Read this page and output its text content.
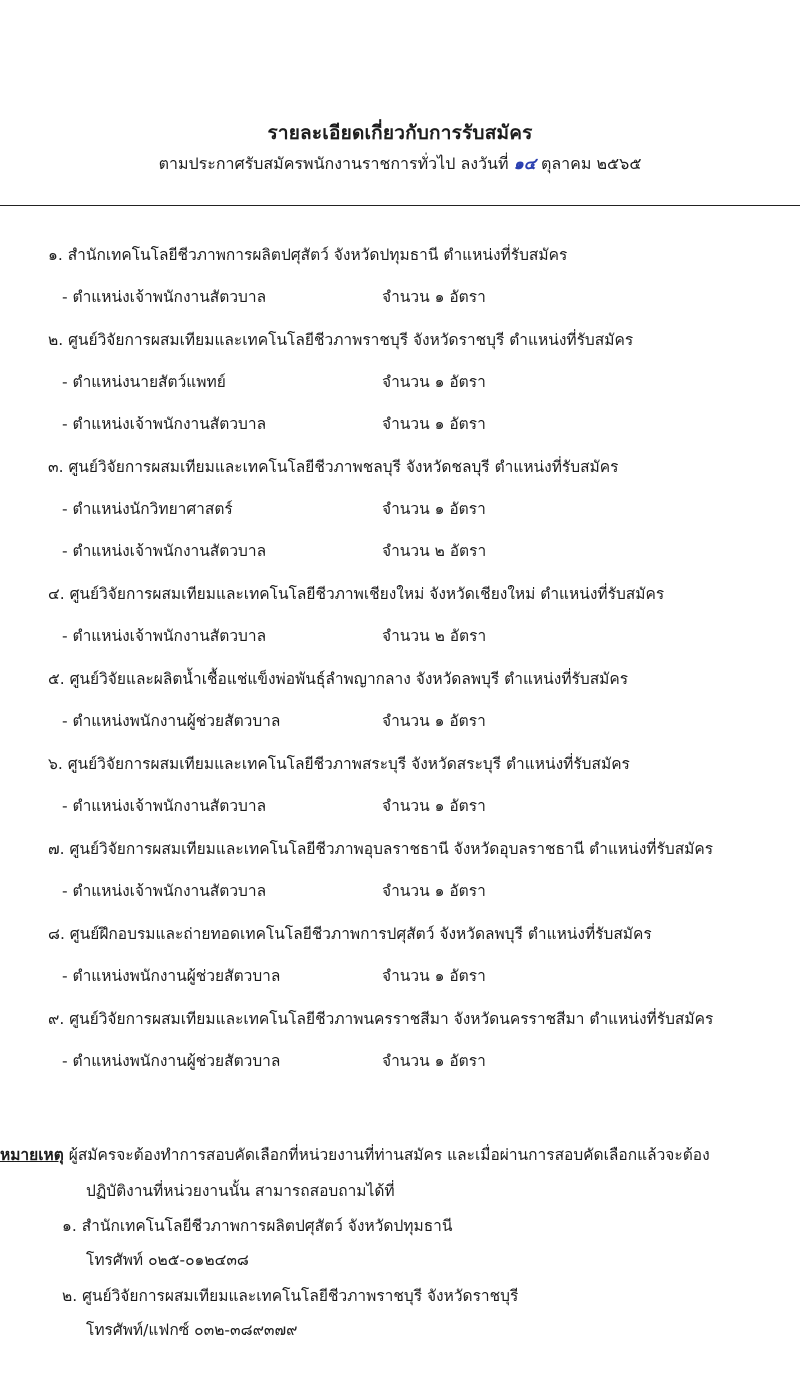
รายละเอียดเกี่ยวกับการรับสมัคร
ตามประกาศรับสมัครพนักงานราชการทั่วไป ลงวันที่ ๑๔ ตุลาคม ๒๕๖๕
๑. สำนักเทคโนโลยีชีวภาพการผลิตปศุสัตว์ จังหวัดปทุมธานี ตำแหน่งที่รับสมัคร
- ตำแหน่งเจ้าพนักงานสัตวบาล	จำนวน ๑ อัตรา
๒. ศูนย์วิจัยการผสมเทียมและเทคโนโลยีชีวภาพราชบุรี จังหวัดราชบุรี ตำแหน่งที่รับสมัคร
- ตำแหน่งนายสัตว์แพทย์	จำนวน ๑ อัตรา
- ตำแหน่งเจ้าพนักงานสัตวบาล	จำนวน ๑ อัตรา
๓. ศูนย์วิจัยการผสมเทียมและเทคโนโลยีชีวภาพชลบุรี จังหวัดชลบุรี ตำแหน่งที่รับสมัคร
- ตำแหน่งนักวิทยาศาสตร์	จำนวน ๑ อัตรา
- ตำแหน่งเจ้าพนักงานสัตวบาล	จำนวน ๒ อัตรา
๔. ศูนย์วิจัยการผสมเทียมและเทคโนโลยีชีวภาพเชียงใหม่ จังหวัดเชียงใหม่ ตำแหน่งที่รับสมัคร
- ตำแหน่งเจ้าพนักงานสัตวบาล	จำนวน ๒ อัตรา
๕. ศูนย์วิจัยและผลิตน้ำเชื้อแช่แข็งพ่อพันธุ์ลำพญากลาง จังหวัดลพบุรี ตำแหน่งที่รับสมัคร
- ตำแหน่งพนักงานผู้ช่วยสัตวบาล	จำนวน ๑ อัตรา
๖. ศูนย์วิจัยการผสมเทียมและเทคโนโลยีชีวภาพสระบุรี จังหวัดสระบุรี ตำแหน่งที่รับสมัคร
- ตำแหน่งเจ้าพนักงานสัตวบาล	จำนวน ๑ อัตรา
๗. ศูนย์วิจัยการผสมเทียมและเทคโนโลยีชีวภาพอุบลราชธานี จังหวัดอุบลราชธานี ตำแหน่งที่รับสมัคร
- ตำแหน่งเจ้าพนักงานสัตวบาล	จำนวน ๑ อัตรา
๘. ศูนย์ฝึกอบรมและถ่ายทอดเทคโนโลยีชีวภาพการปศุสัตว์ จังหวัดลพบุรี ตำแหน่งที่รับสมัคร
- ตำแหน่งพนักงานผู้ช่วยสัตวบาล	จำนวน ๑ อัตรา
๙. ศูนย์วิจัยการผสมเทียมและเทคโนโลยีชีวภาพนครราชสีมา จังหวัดนครราชสีมา ตำแหน่งที่รับสมัคร
- ตำแหน่งพนักงานผู้ช่วยสัตวบาล	จำนวน ๑ อัตรา
หมายเหตุ ผู้สมัครจะต้องทำการสอบคัดเลือกที่หน่วยงานที่ท่านสมัคร และเมื่อผ่านการสอบคัดเลือกแล้วจะต้อง
ปฏิบัติงานที่หน่วยงานนั้น สามารถสอบถามได้ที่
๑. สำนักเทคโนโลยีชีวภาพการผลิตปศุสัตว์ จังหวัดปทุมธานี
โทรศัพท์ ๐๒๕-๐๑๒๔๓๘
๒. ศูนย์วิจัยการผสมเทียมและเทคโนโลยีชีวภาพราชบุรี จังหวัดราชบุรี
โทรศัพท์/แฟกซ์ ๐๓๒-๓๘๙๓๗๙
